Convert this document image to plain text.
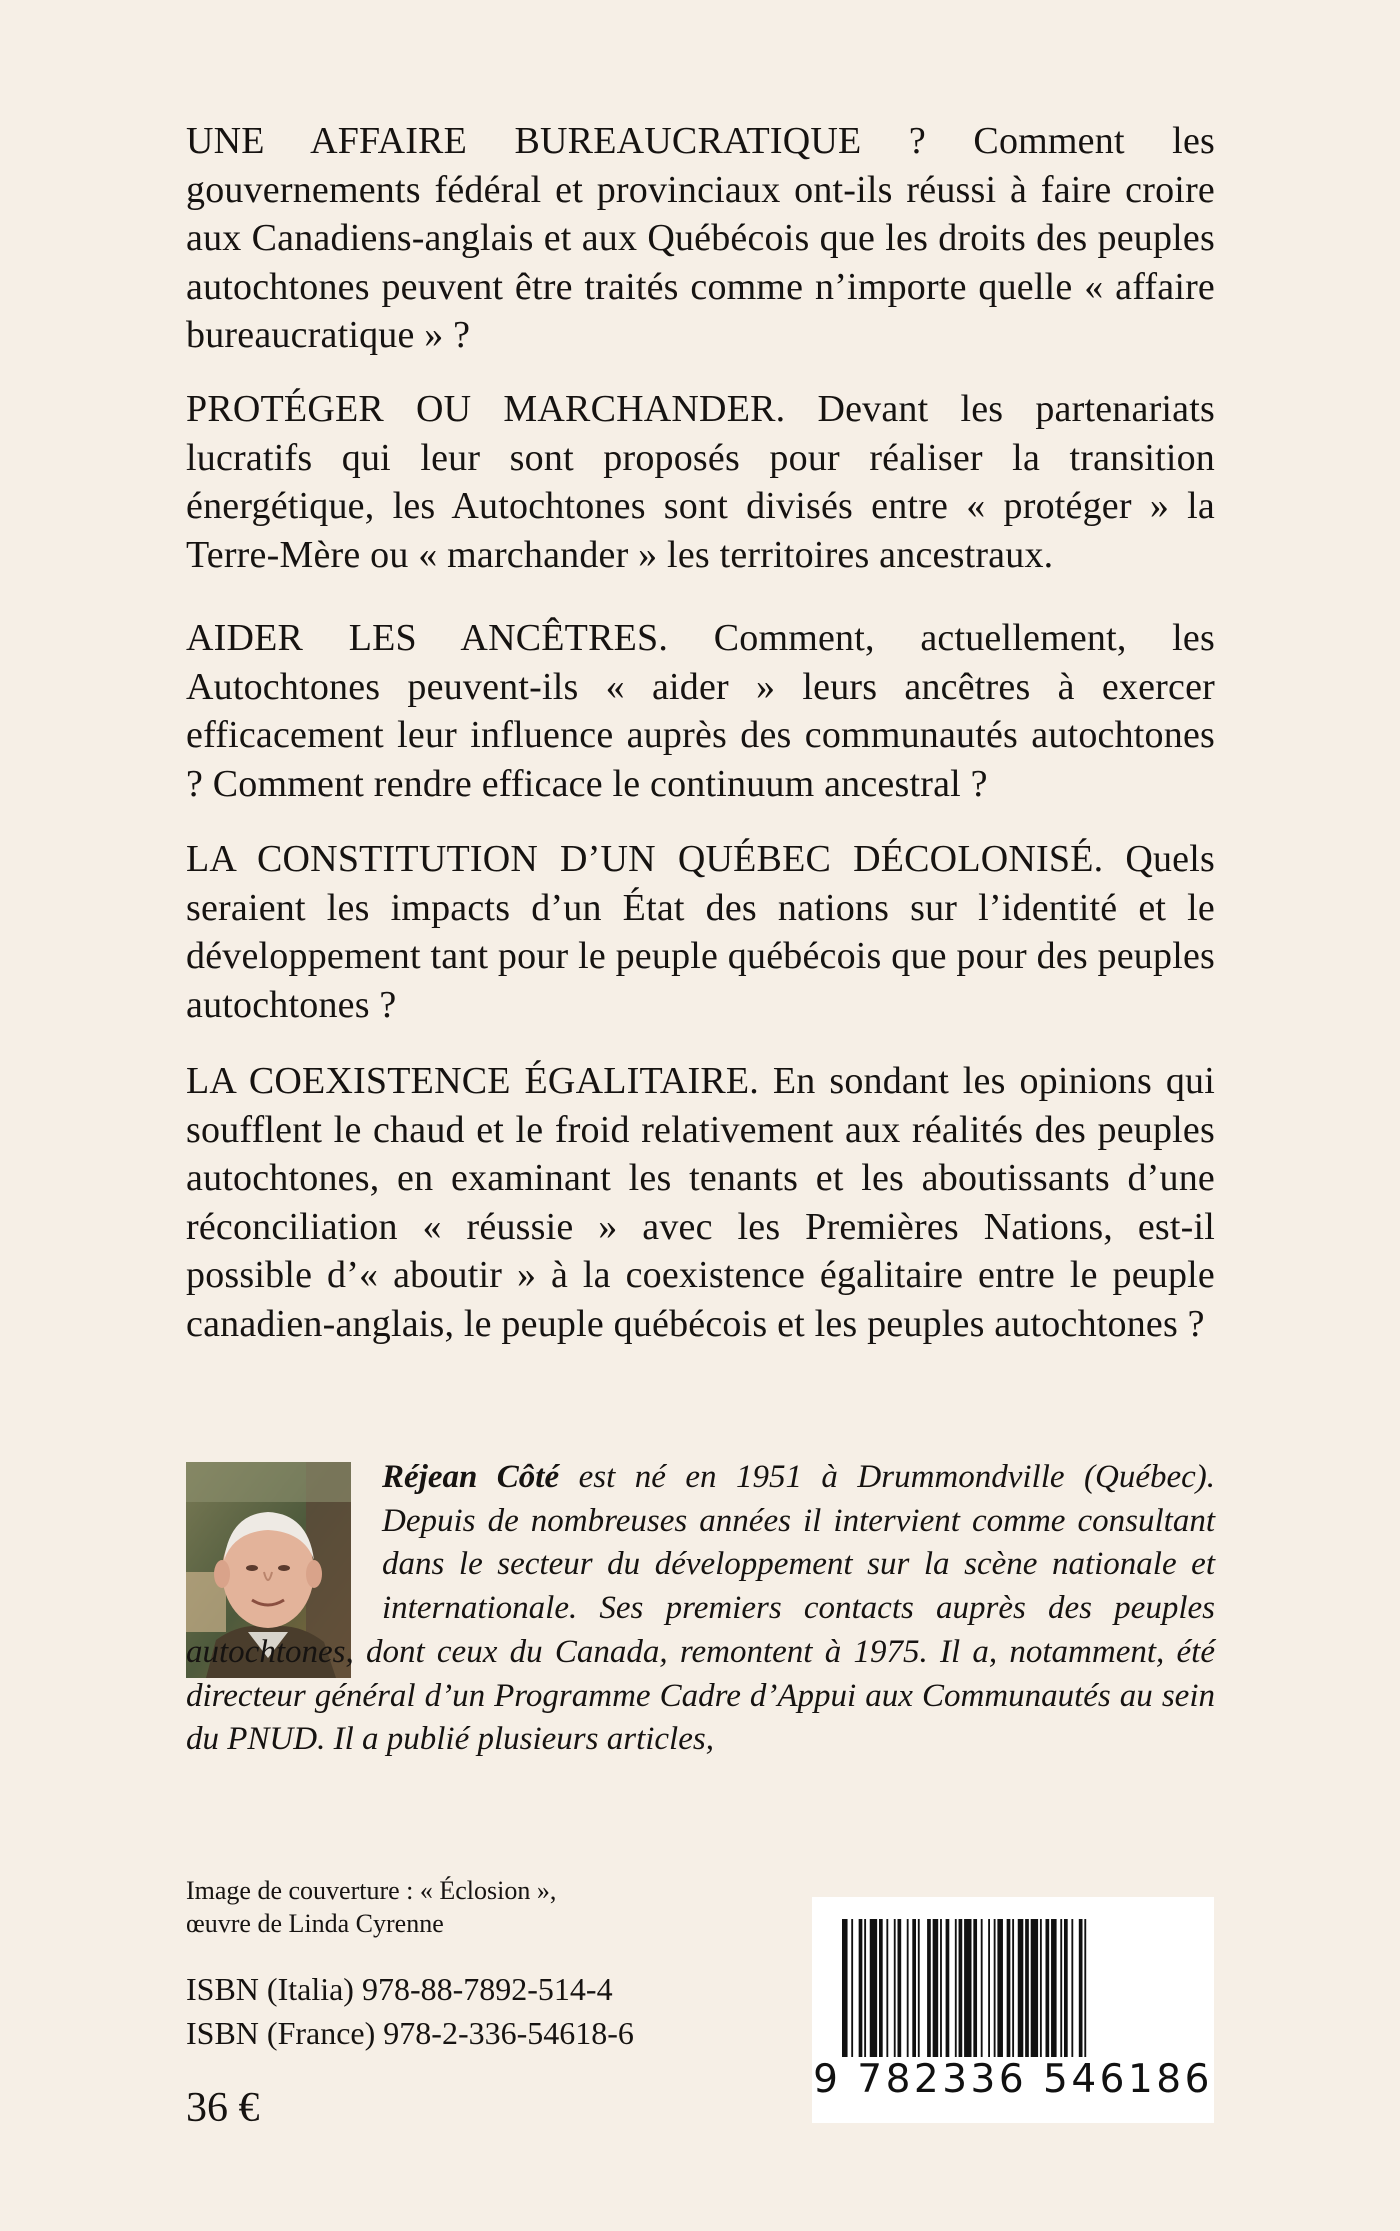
UNE AFFAIRE BUREAUCRATIQUE ? Comment les gouvernements fédéral et provinciaux ont-ils réussi à faire croire aux Canadiens-anglais et aux Québécois que les droits des peuples autochtones peuvent être traités comme n’importe quelle « affaire bureaucratique » ?

PROTÉGER OU MARCHANDER. Devant les partenariats lucratifs qui leur sont proposés pour réaliser la transition énergétique, les Autochtones sont divisés entre « protéger » la Terre-Mère ou « marchander » les territoires ancestraux.

AIDER LES ANCÊTRES. Comment, actuellement, les Autochtones peuvent-ils « aider » leurs ancêtres à exercer efficacement leur influence auprès des communautés autochtones ? Comment rendre efficace le continuum ancestral ?

LA CONSTITUTION D’UN QUÉBEC DÉCOLONISÉ. Quels seraient les impacts d’un État des nations sur l’identité et le développement tant pour le peuple québécois que pour des peuples autochtones ?

LA COEXISTENCE ÉGALITAIRE. En sondant les opinions qui soufflent le chaud et le froid relativement aux réalités des peuples autochtones, en examinant les tenants et les aboutissants d’une réconciliation « réussie » avec les Premières Nations, est-il possible d’« aboutir » à la coexistence égalitaire entre le peuple canadien-anglais, le peuple québécois et les peuples autochtones ?

Réjean Côté est né en 1951 à Drummondville (Québec). Depuis de nombreuses années il intervient comme consultant dans le secteur du développement sur la scène nationale et internationale. Ses premiers contacts auprès des peuples autochtones, dont ceux du Canada, remontent à 1975. Il a, notamment, été directeur général d’un Programme Cadre d’Appui aux Communautés au sein du PNUD. Il a publié plusieurs articles,

Image de couverture : « Éclosion »,
œuvre de Linda Cyrenne
ISBN (Italia) 978-88-7892-514-4
ISBN (France) 978-2-336-54618-6
36 €
9 782336 546186
